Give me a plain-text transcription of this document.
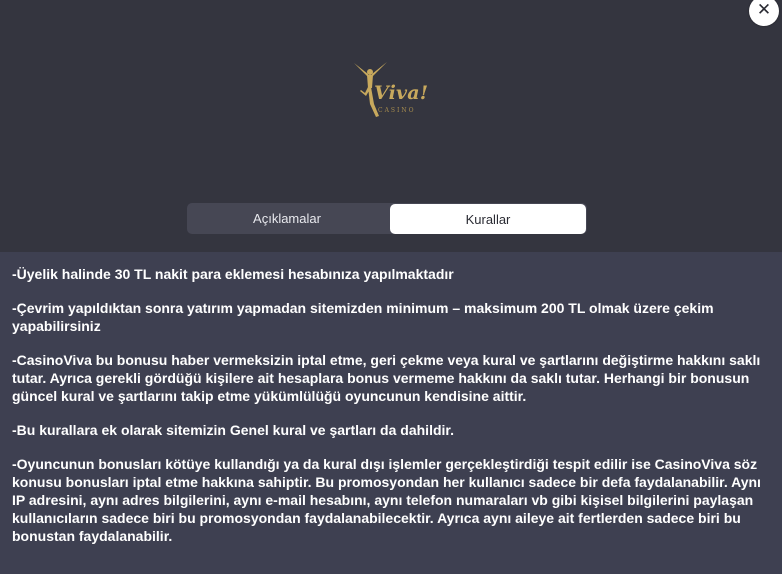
Viva!
CASINO
Açıklamalar	Kurallar
✕

-Üyelik halinde 30 TL nakit para eklemesi hesabınıza yapılmaktadır

-Çevrim yapıldıktan sonra yatırım yapmadan sitemizden minimum – maksimum 200 TL olmak üzere çekim yapabilirsiniz

-CasinoViva bu bonusu haber vermeksizin iptal etme, geri çekme veya kural ve şartlarını değiştirme hakkını saklı tutar. Ayrıca gerekli gördüğü kişilere ait hesaplara bonus vermeme hakkını da saklı tutar. Herhangi bir bonusun güncel kural ve şartlarını takip etme yükümlülüğü oyuncunun kendisine aittir.

-Bu kurallara ek olarak sitemizin Genel kural ve şartları da dahildir.

-Oyuncunun bonusları kötüye kullandığı ya da kural dışı işlemler gerçekleştirdiği tespit edilir ise CasinoViva söz konusu bonusları iptal etme hakkına sahiptir. Bu promosyondan her kullanıcı sadece bir defa faydalanabilir. Aynı IP adresini, aynı adres bilgilerini, aynı e-mail hesabını, aynı telefon numaraları vb gibi kişisel bilgilerini paylaşan kullanıcıların sadece biri bu promosyondan faydalanabilecektir. Ayrıca aynı aileye ait fertlerden sadece biri bu bonustan faydalanabilir.
